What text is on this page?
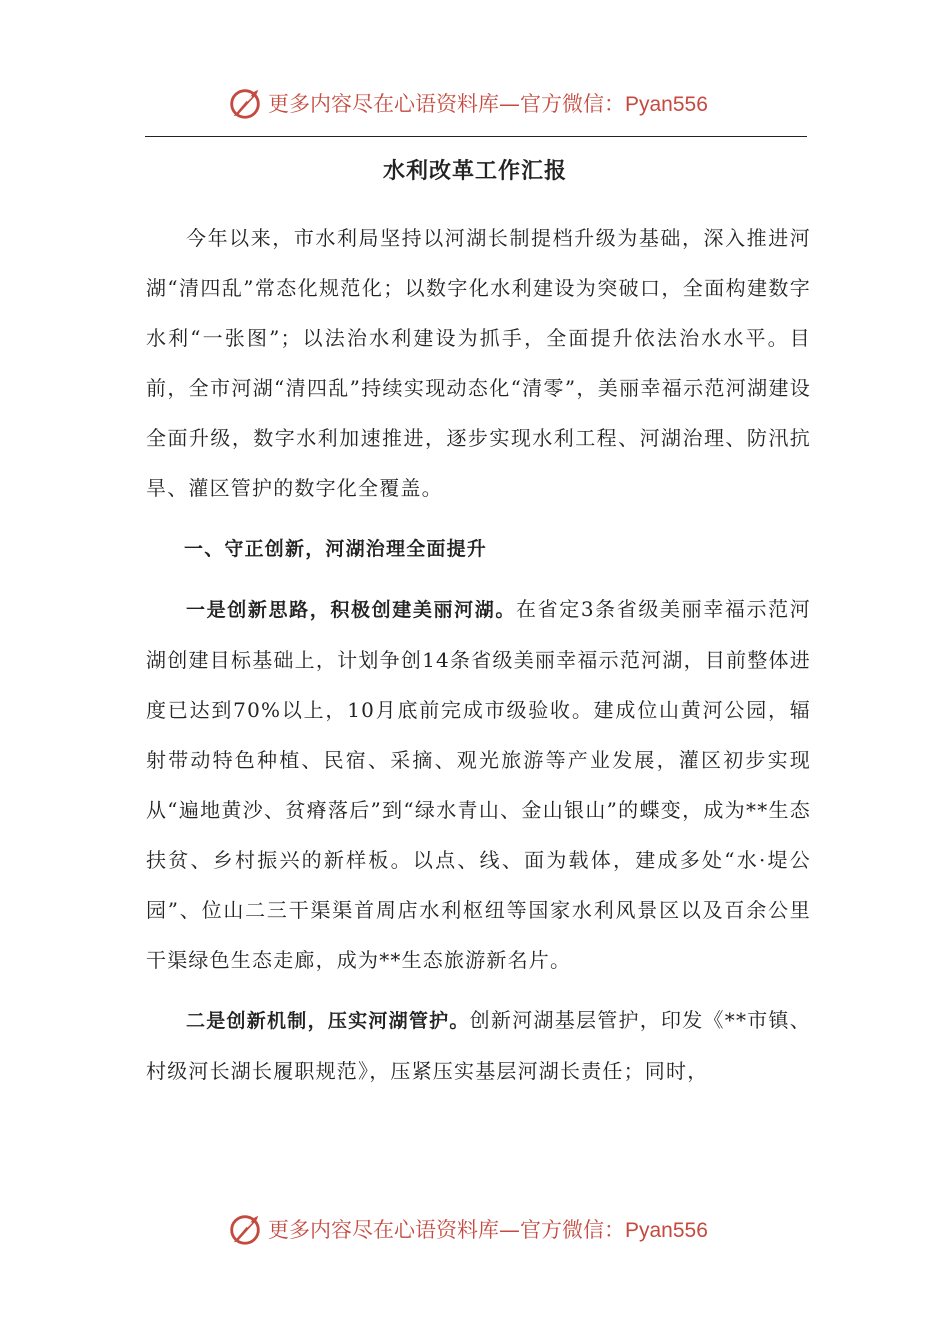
更多内容尽在心语资料库—官方微信：Pyan556
水利改革工作汇报

今年以来，市水利局坚持以河湖长制提档升级为基础，深入推进河湖“清四乱”常态化规范化；以数字化水利建设为突破口，全面构建数字水利“一张图”；以法治水利建设为抓手，全面提升依法治水水平。目前，全市河湖“清四乱”持续实现动态化“清零”，美丽幸福示范河湖建设全面升级，数字水利加速推进，逐步实现水利工程、河湖治理、防汛抗旱、灌区管护的数字化全覆盖。

一、守正创新，河湖治理全面提升

一是创新思路，积极创建美丽河湖。在省定3条省级美丽幸福示范河湖创建目标基础上，计划争创14条省级美丽幸福示范河湖，目前整体进度已达到70%以上，10月底前完成市级验收。建成位山黄河公园，辐射带动特色种植、民宿、采摘、观光旅游等产业发展，灌区初步实现从“遍地黄沙、贫瘠落后”到“绿水青山、金山银山”的蝶变，成为**生态扶贫、乡村振兴的新样板。以点、线、面为载体，建成多处“水·堤公园”、位山二三干渠渠首周店水利枢纽等国家水利风景区以及百余公里干渠绿色生态走廊，成为**生态旅游新名片。

二是创新机制，压实河湖管护。创新河湖基层管护，印发《**市镇、村级河长湖长履职规范》，压紧压实基层河湖长责任；同时，

更多内容尽在心语资料库—官方微信：Pyan556
